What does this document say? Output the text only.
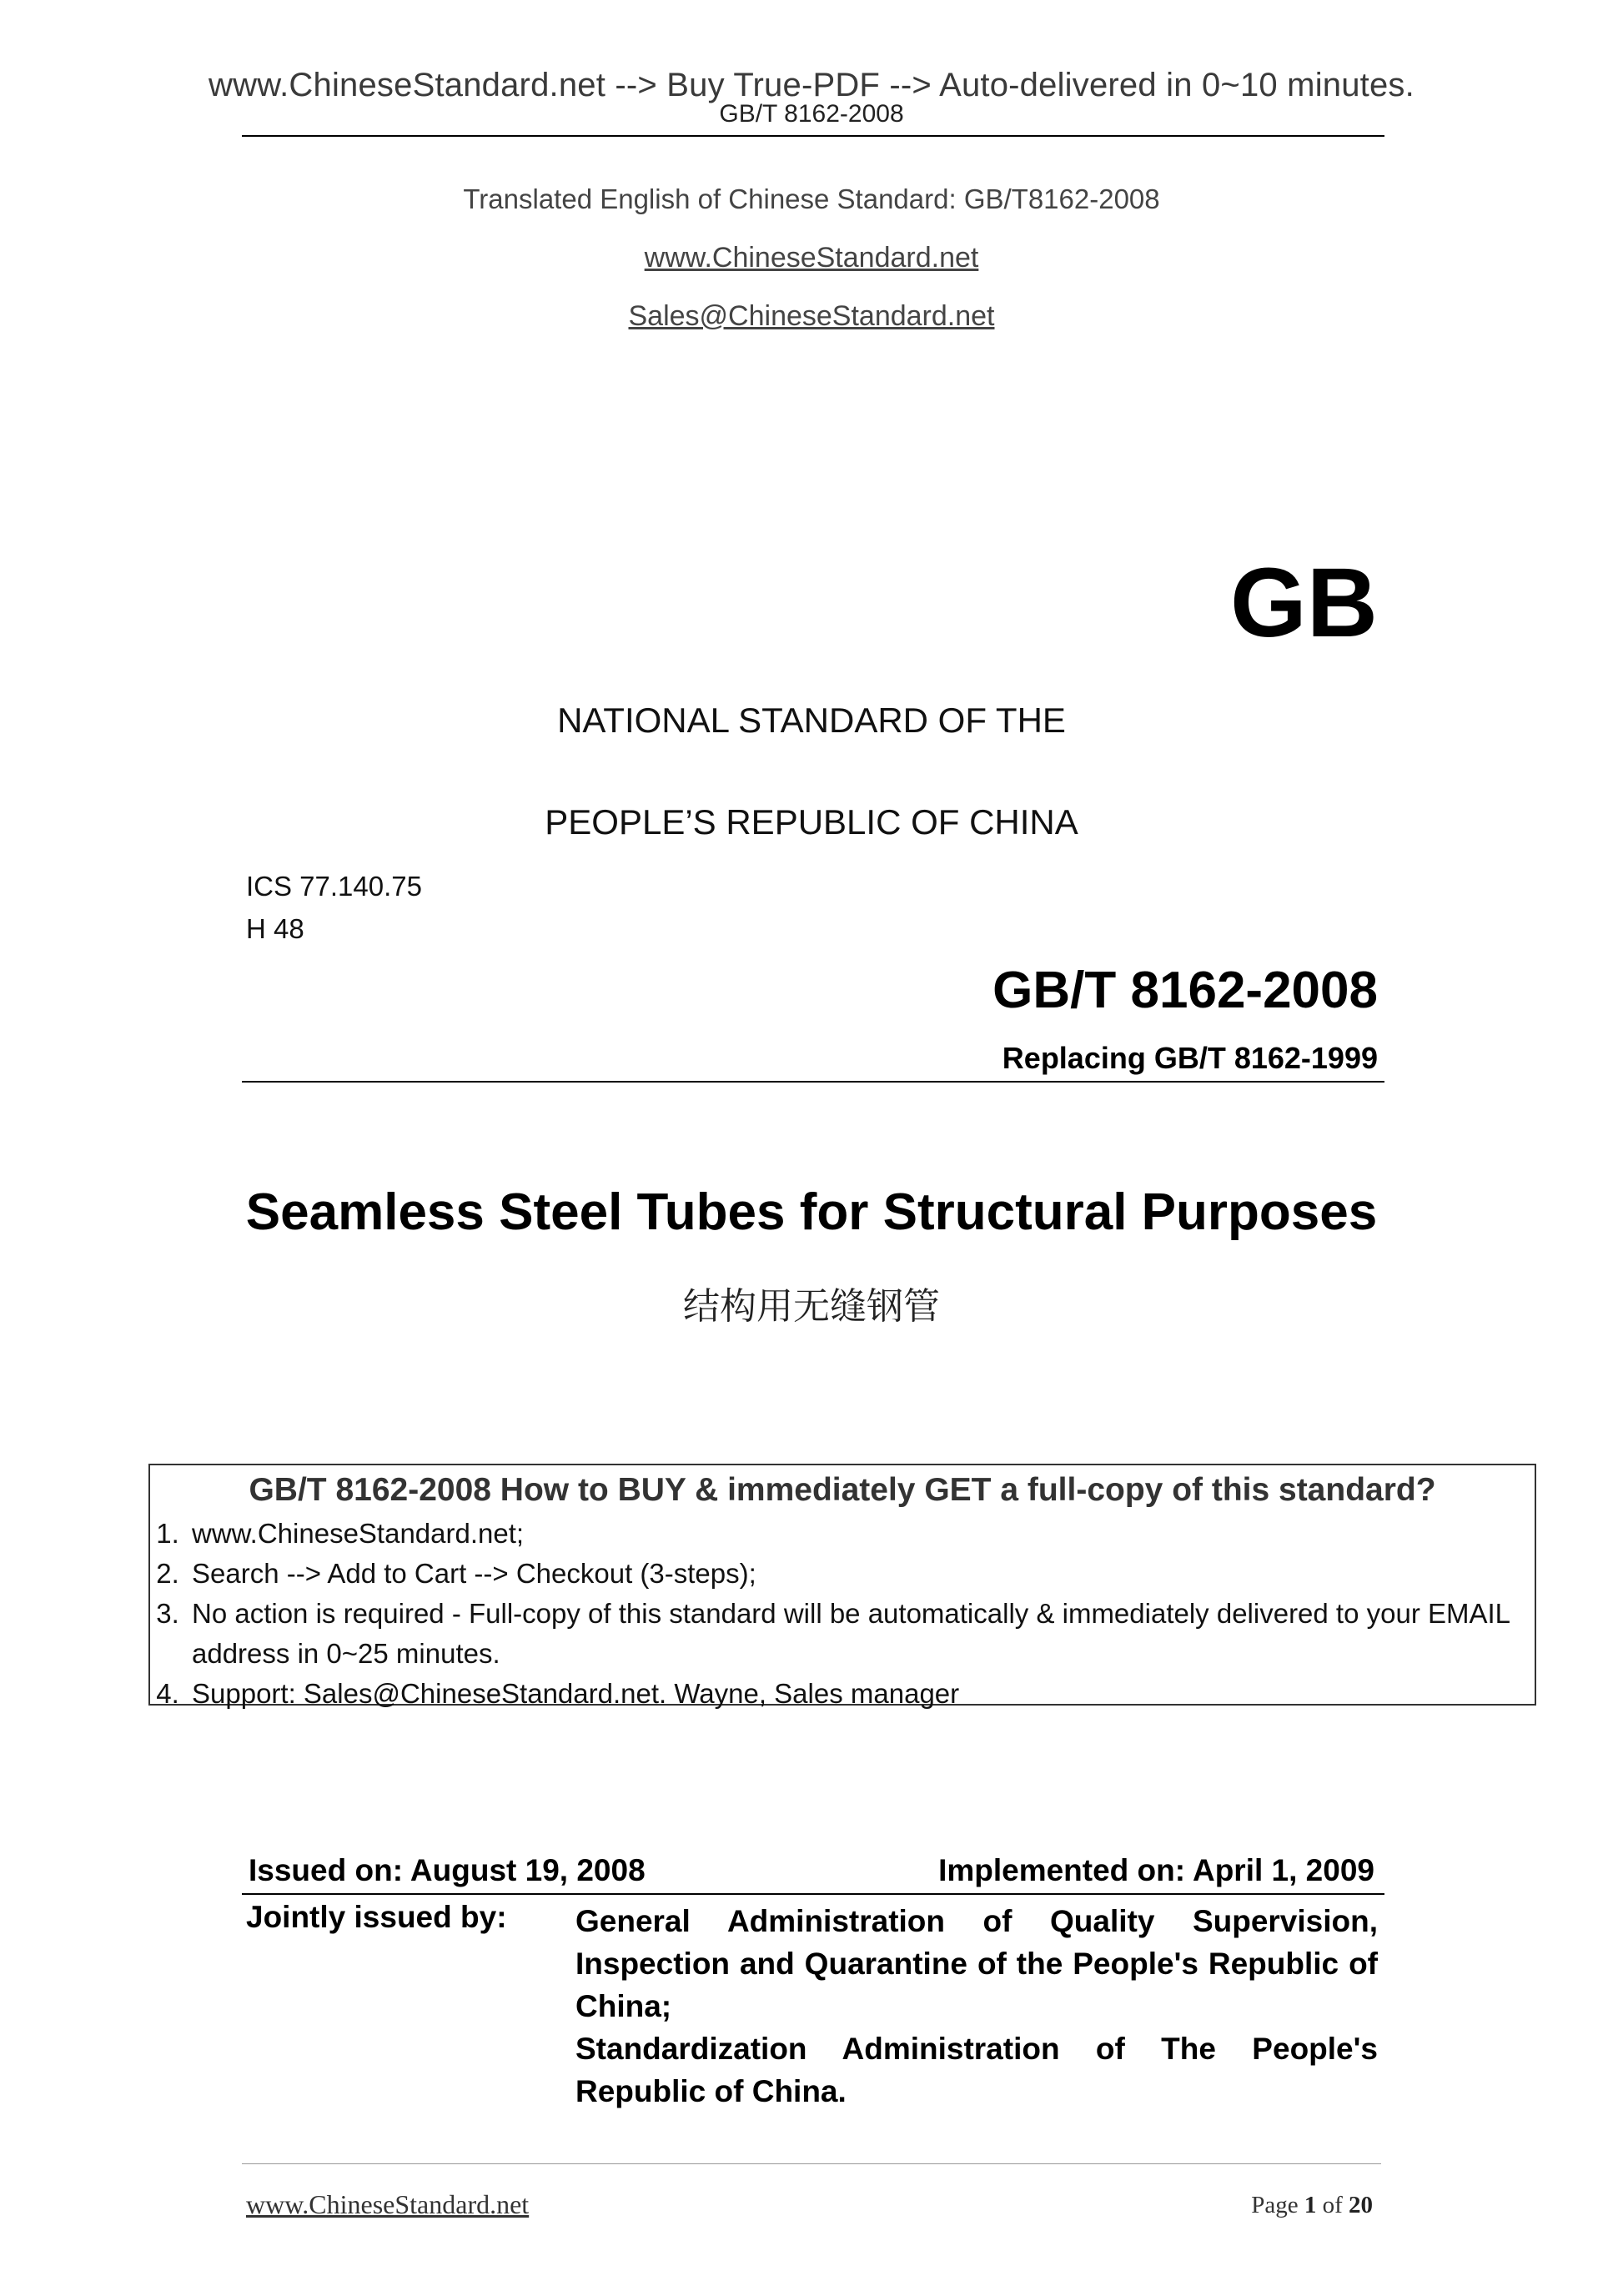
www.ChineseStandard.net --> Buy True-PDF --> Auto-delivered in 0~10 minutes.
GB/T 8162-2008
Translated English of Chinese Standard: GB/T8162-2008
www.ChineseStandard.net
Sales@ChineseStandard.net
GB
NATIONAL STANDARD OF THE
PEOPLE’S REPUBLIC OF CHINA
ICS 77.140.75
H 48
GB/T 8162-2008
Replacing GB/T 8162-1999
Seamless Steel Tubes for Structural Purposes
结构用无缝钢管
GB/T 8162-2008 How to BUY & immediately GET a full-copy of this standard?
1. www.ChineseStandard.net;
2. Search --> Add to Cart --> Checkout (3-steps);
3. No action is required - Full-copy of this standard will be automatically & immediately delivered to your EMAIL address in 0~25 minutes.
4. Support: Sales@ChineseStandard.net. Wayne, Sales manager
Issued on: August 19, 2008	Implemented on: April 1, 2009
Jointly issued by: General Administration of Quality Supervision, Inspection and Quarantine of the People's Republic of China;

Standardization Administration of The People's Republic of China.

www.ChineseStandard.net	Page 1 of 20
